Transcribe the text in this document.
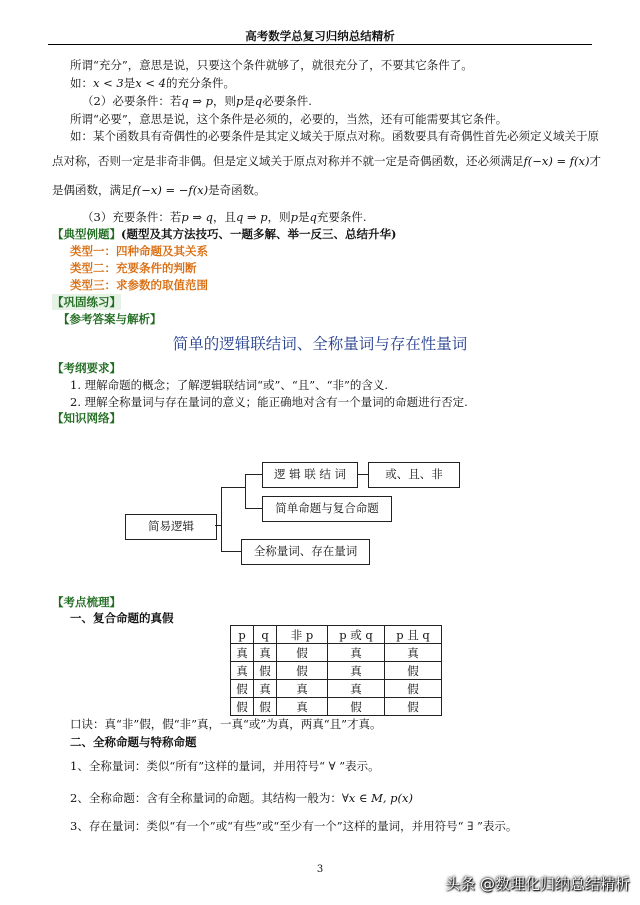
高考数学总复习归纳总结精析
所谓“充分”，意思是说，只要这个条件就够了，就很充分了，不要其它条件了。
如：x < 3是x < 4的充分条件。
（2）必要条件：若q ⇒ p，则p是q必要条件.
所谓“必要”，意思是说，这个条件是必须的，必要的，当然，还有可能需要其它条件。
如：某个函数具有奇偶性的必要条件是其定义域关于原点对称。函数要具有奇偶性首先必须定义域关于原
点对称，否则一定是非奇非偶。但是定义域关于原点对称并不就一定是奇偶函数，还必须满足f(−x) = f(x)才
是偶函数，满足f(−x) = −f(x)是奇函数。
（3）充要条件：若p ⇒ q，且q ⇒ p，则p是q充要条件.
【典型例题】(题型及其方法技巧、一题多解、举一反三、总结升华)
类型一：四种命题及其关系
类型二：充要条件的判断
类型三：求参数的取值范围
【巩固练习】
【参考答案与解析】
简单的逻辑联结词、全称量词与存在性量词
【考纲要求】
1. 理解命题的概念；了解逻辑联结词“或”、“且”、“非”的含义.
2. 理解全称量词与存在量词的意义；能正确地对含有一个量词的命题进行否定.
【知识网络】
简易逻辑
逻 辑 联 结 词	或、且、非
简单命题与复合命题
全称量词、存在量词
【考点梳理】
一、复合命题的真假
p	q	非 p	p 或 q	p 且 q
真	真	假	真	真
真	假	假	真	假
假	真	真	真	假
假	假	真	假	假
口诀：真“非”假，假“非”真，一真“或”为真，两真“且”才真。
二、全称命题与特称命题
1、全称量词：类似“所有”这样的量词，并用符号“ ∀ ”表示。
2、全称命题：含有全称量词的命题。其结构一般为：∀x ∈ M, p(x)
3、存在量词：类似“有一个”或“有些”或“至少有一个”这样的量词，并用符号“ ∃ ”表示。
3
头条 @数理化归纳总结精析
